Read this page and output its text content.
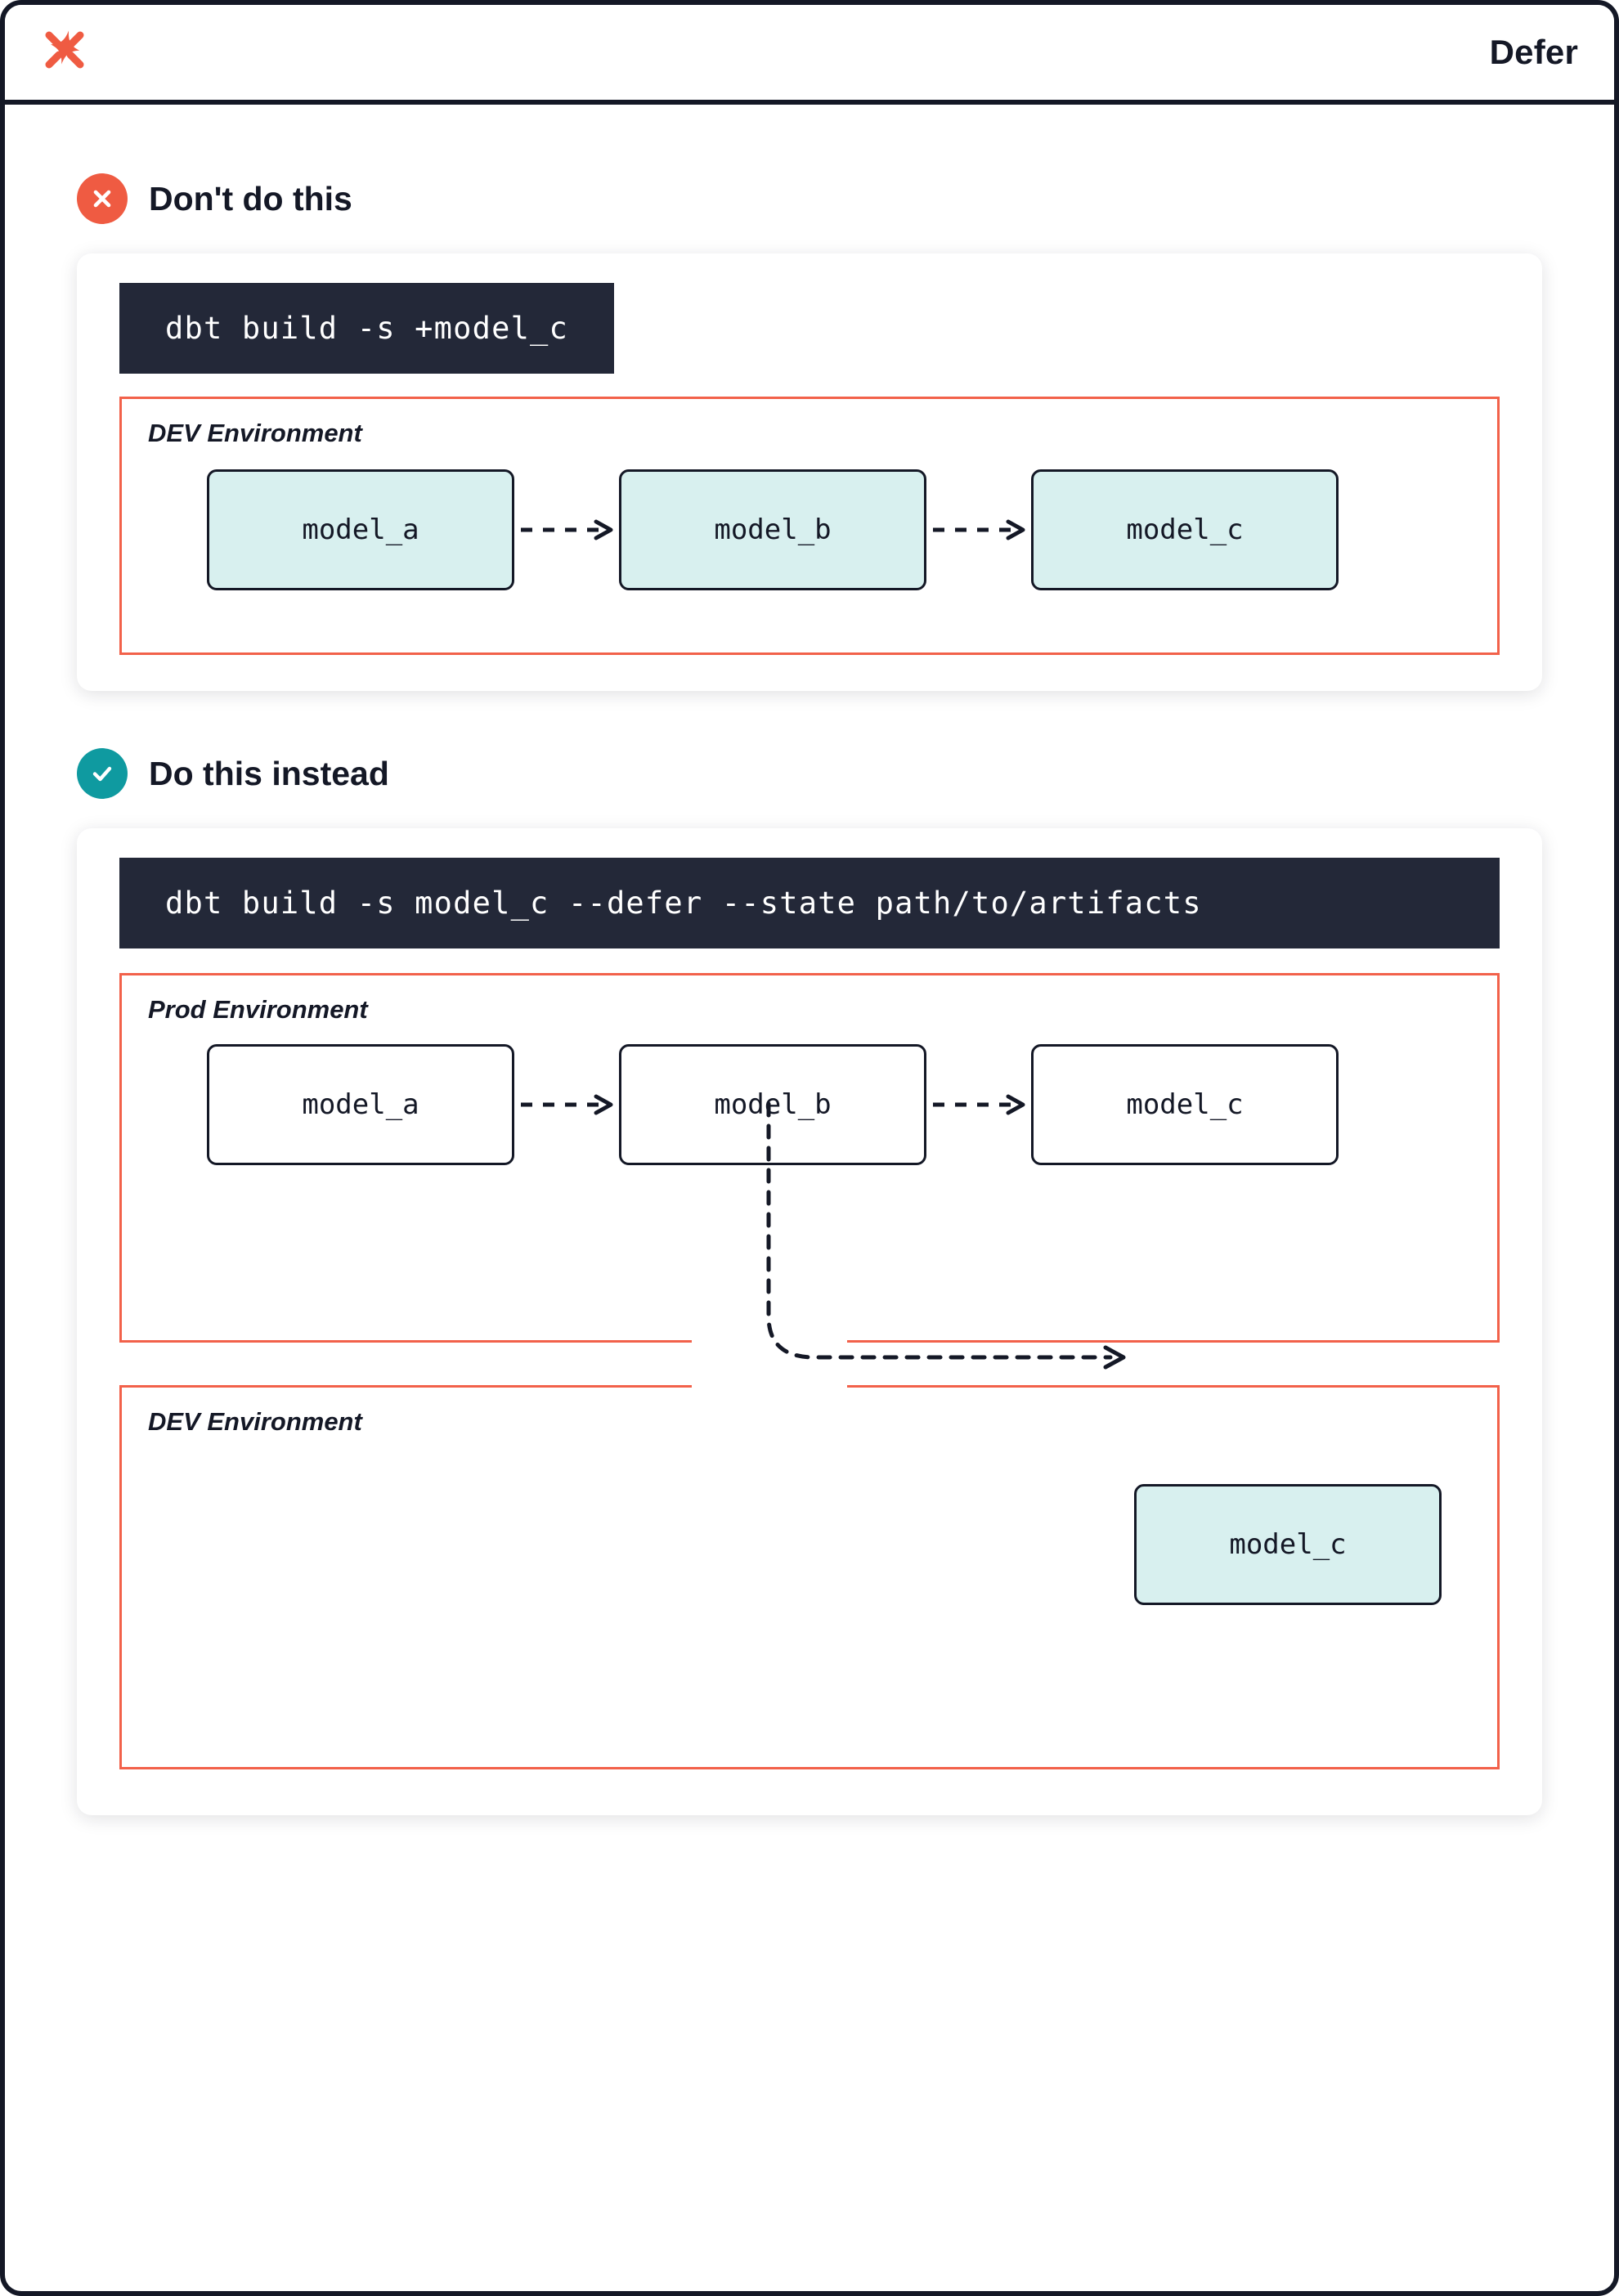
Defer
Don't do this
dbt build -s +model_c
DEV Environment
model_a	model_b	model_c
Do this instead
dbt build -s model_c --defer --state path/to/artifacts
Prod Environment
model_a	model_b	model_c
DEV Environment
model_c
